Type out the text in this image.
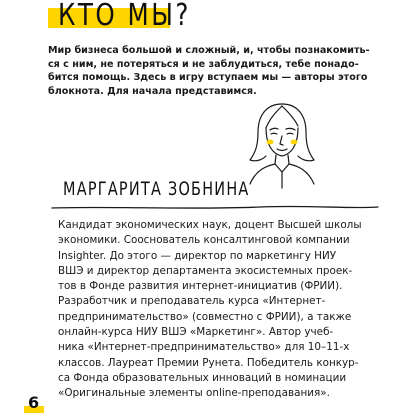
КТО МЫ?
Мир бизнеса большой и сложный, и, чтобы познакомить-
ся с ним, не потеряться и не заблудиться, тебе понадо-
бится помощь. Здесь в игру вступаем мы — авторы этого
блокнота. Для начала представимся.
МАРГАРИТА ЗОБНИНА
Кандидат экономических наук, доцент Высшей школы
экономики. Сооснователь консалтинговой компании
Insighter. До этого — директор по маркетингу НИУ
ВШЭ и директор департамента экосистемных проек-
тов в Фонде развития интернет-инициатив (ФРИИ).
Разработчик и преподаватель курса «Интернет-
предпринимательство» (совместно с ФРИИ), а также
онлайн-курса НИУ ВШЭ «Маркетинг». Автор учеб-
ника «Интернет-предпринимательство» для 10–11-х
классов. Лауреат Премии Рунета. Победитель конкур-
са Фонда образовательных инноваций в номинации
«Оригинальные элементы online-преподавания».
6
